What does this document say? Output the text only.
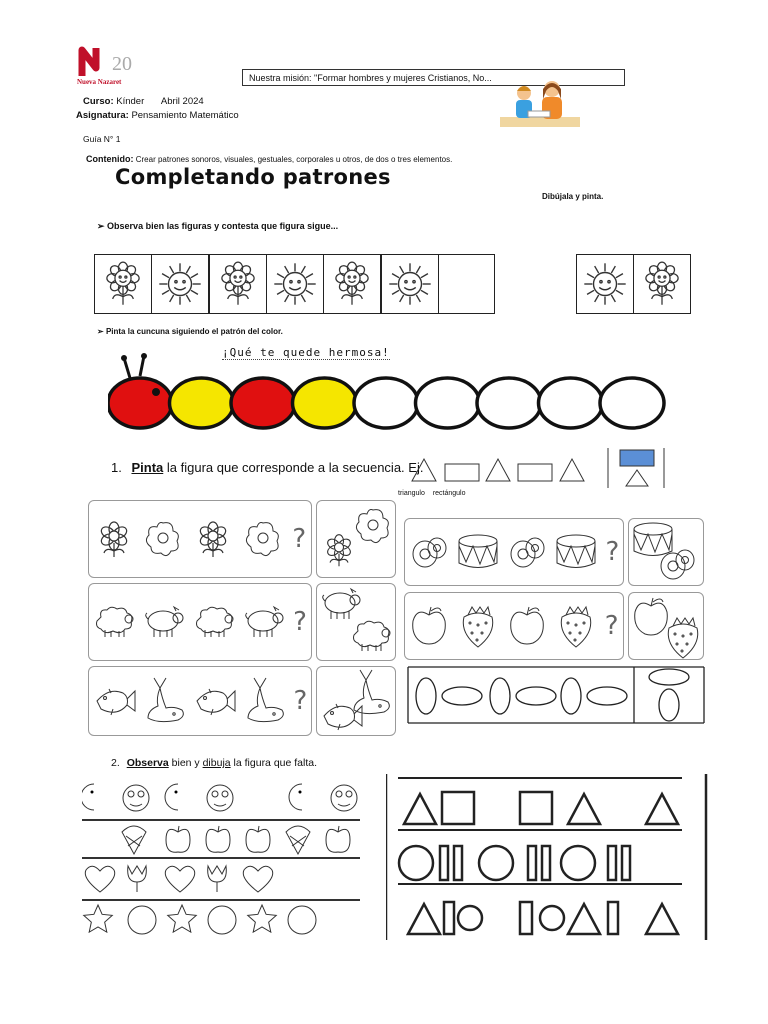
20
Nueva Nazaret	Nuestra misión: "Formar hombres y mujeres Cristianos, No...
Curso: Kínder Abril 2024
Asignatura: Pensamiento Matemático
Guía N° 1
Contenido: Crear patrones sonoros, visuales, gestuales, corporales u otros, de dos o tres elementos.
Completando patrones
Dibújala y pinta.
➢ Observa bien las figuras y contesta que figura sigue...
➢ Pinta la cuncuna siguiendo el patrón del color.
¡Qué te quede hermosa!
1. Pinta la figura que corresponde a la secuencia. Ej.
triangulo rectángulo
?
?
?
?
?
2. Observa bien y dibuja la figura que falta.
